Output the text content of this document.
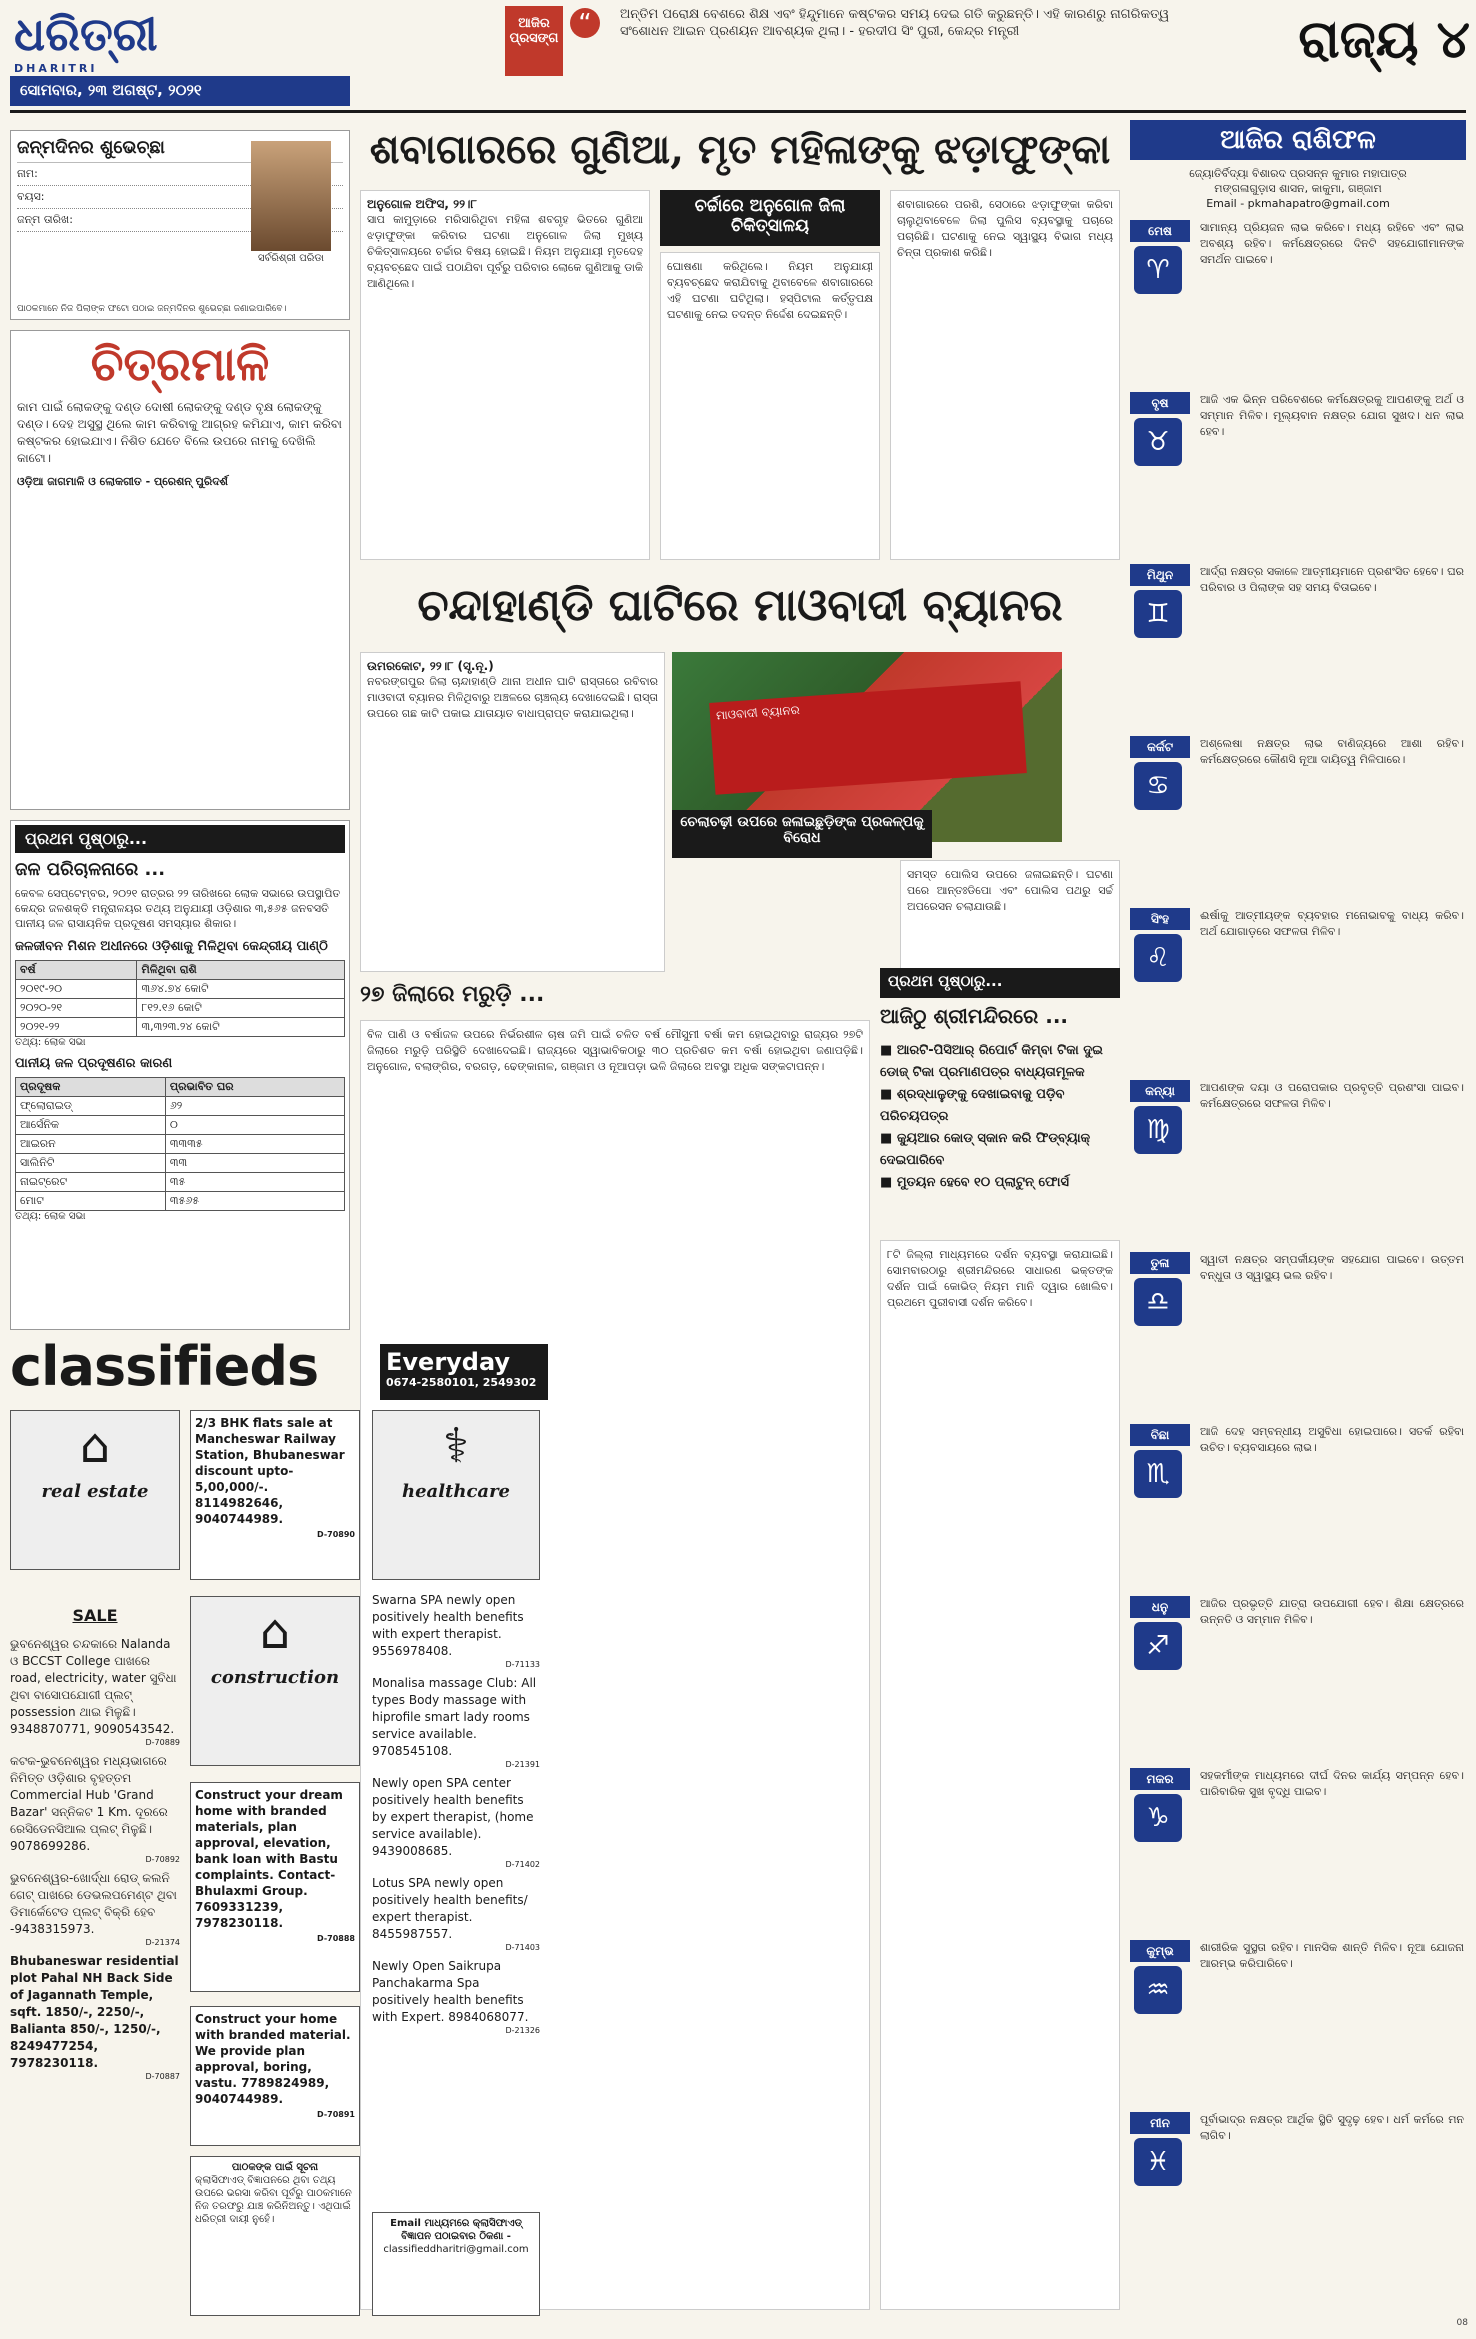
ଧରିତ୍ରୀ
DHARITRI
ସୋମବାର, ୨୩ ଅଗଷ୍ଟ, ୨୦୨୧
ଆଜିର ପ୍ରସଙ୍ଗ “	ଅନ୍ତିମ ପରୋକ୍ଷ ବେଶରେ ଶିକ୍ଷ ଏବଂ ହିନ୍ଦୁମାନେ କଷ୍ଟକର ସମୟ ଦେଇ ଗତି କରୁଛନ୍ତି। ଏହି କାରଣରୁ ନାଗରିକତ୍ୱ ସଂଶୋଧନ ଆଇନ ପ୍ରଣୟନ ଆବଶ୍ୟକ ଥିଲା। - ହରଦୀପ ସିଂ ପୁରୀ, କେନ୍ଦ୍ର ମନ୍ତ୍ରୀ	ରାଜ୍ୟ ୪
ଜନ୍ମଦିନର ଶୁଭେଚ୍ଛା
ନାମ:
ବୟସ:
ଜନ୍ମ ତାରିଖ:
ସର୍ବରିଶ୍ରୀ ପରିଡା
ପାଠକମାନେ ନିଜ ପିଲାଙ୍କ ଫଟୋ ପଠାଇ ଜନ୍ମଦିନର ଶୁଭେଚ୍ଛା ଜଣାଇପାରିବେ।
ଚିତ୍ରମାଳି
କାମ ପାଇଁ ଲୋକଙ୍କୁ ଦଣ୍ଡ ଦୋଷୀ ଲୋକଙ୍କୁ ଦଣ୍ଡ ବୃକ୍ଷ ଲୋକଙ୍କୁ ଦଣ୍ଡ। ଦେହ ଅସୁସ୍ଥ ଥିଲେ କାମ କରିବାକୁ ଆଗ୍ରହ କମିଯାଏ, କାମ କରିବା କଷ୍ଟକର ହୋଇଯାଏ। ନିଶିତ ଯେତେ ବିଲେ ଉପରେ ନାମକୁ ଦେଖିଲି କାଟୋ।
ଓଡ଼ିଆ ଜାଗମାଳି ଓ ଲୋକଗୀତ - ପ୍ରେଶନ୍ ପୁରିଦର୍ଶ
ପ୍ରଥମ ପୃଷ୍ଠାରୁ...
ଜଳ ପରିଚାଳନାରେ ...
କେବଳ ସେପ୍ଟେମ୍ବର, ୨୦୨୧ ରାତ୍ରର ୨୨ ତାରିଖରେ ଲୋକ ସଭାରେ ଉପସ୍ଥାପିତ କେନ୍ଦ୍ର ଜଳଶକ୍ତି ମନ୍ତ୍ରାଳୟର ତଥ୍ୟ ଅନୁଯାୟୀ ଓଡ଼ିଶାର ୩,୫୬୫ ଜନବସତି ପାନୀୟ ଜଳ ରାସାୟନିକ ପ୍ରଦୂଷଣ ସମସ୍ୟାର ଶିକାର।
ଜଳଜୀବନ ମିଶନ ଅଧୀନରେ ଓଡ଼ିଶାକୁ ମିଳିଥିବା କେନ୍ଦ୍ରୀୟ ପାଣ୍ଠି
ବର୍ଷ	ମିଳିଥିବା ରାଶି
୨୦୧୯-୨୦	୩୬୪.୭୪ କୋଟି
୨୦୨୦-୨୧	୮୧୨.୧୬ କୋଟି
୨୦୨୧-୨୨	୩,୩୨୩.୨୪ କୋଟି
ତଥ୍ୟ: ଲୋକ ସଭା
ପାନୀୟ ଜଳ ପ୍ରଦୂଷଣର କାରଣ
ପ୍ରଦୂଷକ	ପ୍ରଭାବିତ ଘର
ଫ୍ଲୋରାଇଡ୍	୬୨
ଆର୍ସେନିକ	୦
ଆଇରନ	୩୩୩୫
ସାଲିନିଟି	୩୩
ନାଇଟ୍ରେଟ	୩୫
ମୋଟ	୩୫୬୫
ତଥ୍ୟ: ଲୋକ ସଭା
ଶବାଗାରରେ ଗୁଣିଆ, ମୃତ ମହିଳାଙ୍କୁ ଝଡ଼ାଫୁଙ୍କା
ଅନୁଗୋଳ ଅଫିସ, ୨୨।୮
ସାପ କାମୁଡ଼ାରେ ମରିସାରିଥିବା ମହିଳା ଶବଗୃହ ଭିତରେ ଗୁଣିଆ ଝଡ଼ାଫୁଙ୍କା କରିବାର ଘଟଣା ଅନୁଗୋଳ ଜିଲା ମୁଖ୍ୟ ଚିକିତ୍ସାଳୟରେ ଚର୍ଚ୍ଚାର ବିଷୟ ହୋଇଛି। ନିୟମ ଅନୁଯାୟୀ ମୃତଦେହ ବ୍ୟବଚ୍ଛେଦ ପାଇଁ ପଠାଯିବା ପୂର୍ବରୁ ପରିବାର ଲୋକେ ଗୁଣିଆକୁ ଡାକି ଆଣିଥିଲେ।
ଚର୍ଚ୍ଚାରେ ଅନୁଗୋଳ ଜିଲା ଚିକିତ୍ସାଳୟ
ଘୋଷଣା କରିଥିଲେ। ନିୟମ ଅନୁଯାୟୀ ବ୍ୟବଚ୍ଛେଦ କରାଯିବାକୁ ଥିବାବେଳେ ଶବାଗାରରେ ଏହି ଘଟଣା ଘଟିଥିଲା। ହସ୍ପିଟାଲ କର୍ତ୍ତୃପକ୍ଷ ଘଟଣାକୁ ନେଇ ତଦନ୍ତ ନିର୍ଦ୍ଦେଶ ଦେଇଛନ୍ତି।
ଶବାଗାରରେ ପରଶି, ସେଠାରେ ଝଡ଼ାଫୁଙ୍କା କରିବା ଚାଲୁଥିବାବେଳେ ଜିଲା ପୁଲିସ ବ୍ୟବସ୍ଥାକୁ ପଚାରେ ପଚାରିଛି। ଘଟଣାକୁ ନେଇ ସ୍ୱାସ୍ଥ୍ୟ ବିଭାଗ ମଧ୍ୟ ଚିନ୍ତା ପ୍ରକାଶ କରିଛି।
ଚନ୍ଦାହାଣ୍ଡି ଘାଟିରେ ମାଓବାଦୀ ବ୍ୟାନର
ଉମରକୋଟ, ୨୨।୮ (ସୃ.ନୂ.)
ନବରଙ୍ଗପୁର ଜିଲା ଚାନ୍ଦାହାଣ୍ଡି ଥାନା ଅଧୀନ ଘାଟି ରାସ୍ତାରେ ରବିବାର ମାଓବାଦୀ ବ୍ୟାନର ମିଳିଥିବାରୁ ଅଞ୍ଚଳରେ ଚାଞ୍ଚଲ୍ୟ ଦେଖାଦେଇଛି। ରାସ୍ତା ଉପରେ ଗଛ କାଟି ପକାଇ ଯାତାୟାତ ବାଧାପ୍ରାପ୍ତ କରାଯାଇଥିଲା।	ମାଓବାଦୀ ବ୍ୟାନର
ଚେଲାଚଢ଼ୀ ଉପରେ ଜଳାଇଛୁଡ଼ିଙ୍କ ପ୍ରକଳ୍ପକୁ ବିରୋଧ
ସମସ୍ତ ପୋଲିସ ଉପରେ ଜଳାଇଛନ୍ତି। ଘଟଣା ପରେ ଆନ୍ତଃଡିପୋ ଏବଂ ପୋଲିସ ପଥରୁ ସର୍ଚ୍ଚ ଅପରେସନ ଚଲାଯାଉଛି।
୨୭ ଜିଲାରେ ମରୁଡ଼ି ...
ବିଳ ପାଣି ଓ ବର୍ଷାଜଳ ଉପରେ ନିର୍ଭରଶୀଳ ଚାଷ ଜମି ପାଇଁ ଚଳିତ ବର୍ଷ ମୌସୁମୀ ବର୍ଷା କମ ହୋଇଥିବାରୁ ରାଜ୍ୟର ୨୭ଟି ଜିଲାରେ ମରୁଡ଼ି ପରିସ୍ଥିତି ଦେଖାଦେଇଛି। ରାଜ୍ୟରେ ସ୍ୱାଭାବିକଠାରୁ ୩୦ ପ୍ରତିଶତ କମ ବର୍ଷା ହୋଇଥିବା ଜଣାପଡ଼ିଛି। ଅନୁଗୋଳ, ବଲାଙ୍ଗିର, ବରଗଡ଼, ଢେଙ୍କାନାଳ, ଗଞ୍ଜାମ ଓ ନୂଆପଡ଼ା ଭଳି ଜିଲାରେ ଅବସ୍ଥା ଅଧିକ ସଙ୍କଟାପନ୍ନ।
ପ୍ରଥମ ପୃଷ୍ଠାରୁ...
ଆଜିଠୁ ଶ୍ରୀମନ୍ଦିରରେ ...
■ ଆରଟି-ପିସିଆର୍ ରିପୋର୍ଟ କିମ୍ବା ଟିକା ଦୁଇ ଡୋଜ୍ ଟିକା ପ୍ରମାଣପତ୍ର ବାଧ୍ୟତାମୂଳକ
■ ଶ୍ରଦ୍ଧାଳୁଙ୍କୁ ଦେଖାଇବାକୁ ପଡ଼ିବ ପରିଚୟପତ୍ର
■ କ୍ୟୁଆର କୋଡ୍ ସ୍କାନ କରି ଫିଡ୍‌ବ୍ୟାକ୍ ଦେଇପାରିବେ
■ ମୁତୟନ ହେବେ ୧୦ ପ୍ଲାଟୁନ୍ ଫୋର୍ସ
୮ଟି ଜିଲ୍ଲା ମାଧ୍ୟମରେ ଦର୍ଶନ ବ୍ୟବସ୍ଥା କରାଯାଇଛି। ସୋମବାରଠାରୁ ଶ୍ରୀମନ୍ଦିରରେ ସାଧାରଣ ଭକ୍ତଙ୍କ ଦର୍ଶନ ପାଇଁ କୋଭିଡ୍ ନିୟମ ମାନି ଦ୍ୱାର ଖୋଲିବ। ପ୍ରଥମେ ପୁରୀବାସୀ ଦର୍ଶନ କରିବେ।
ଆଜିର ରାଶିଫଳ
ଜ୍ୟୋତିର୍ବିଦ୍ୟା ବିଶାରଦ ପ୍ରସନ୍ନ କୁମାର ମହାପାତ୍ର
ମଙ୍ଗଳାଗୁଡ଼ାସ ଶାସନ, କାକୁମା, ଗଞ୍ଜାମ
Email - pkmahapatro@gmail.com
ମେଷ
♈
ସାମାନ୍ୟ ପ୍ରିୟଜନ ଲାଭ କରିବେ। ମଧ୍ୟ ରହିବେ ଏବଂ ଲାଭ ଅବଶ୍ୟ ରହିବ। କର୍ମକ୍ଷେତ୍ରରେ ଦିନଟି ସହଯୋଗୀମାନଙ୍କ ସମର୍ଥନ ପାଇବେ।
ବୃଷ
♉
ଆଜି ଏକ ଭିନ୍ନ ପରିବେଶରେ କର୍ମକ୍ଷେତ୍ରକୁ ଆପଣଙ୍କୁ ଅର୍ଥ ଓ ସମ୍ମାନ ମିଳିବ। ମୂଲ୍ୟବାନ ନକ୍ଷତ୍ର ଯୋଗ ସୁଖଦ। ଧନ ଲାଭ ହେବ।
ମିଥୁନ
♊
ଆର୍ଦ୍ରା ନକ୍ଷତ୍ର ସକାଳେ ଆତ୍ମୀୟମାନେ ପ୍ରଶଂସିତ ହେବେ। ଘର ପରିବାର ଓ ପିଲାଙ୍କ ସହ ସମୟ ବିତାଇବେ।
କର୍କଟ
♋
ଅଶ୍ଲେଷା ନକ୍ଷତ୍ର ଲାଭ ବାଣିଜ୍ୟରେ ଆଶା ରହିବ। କର୍ମକ୍ଷେତ୍ରରେ କୌଣସି ନୂଆ ଦାୟିତ୍ୱ ମିଳିପାରେ।
ସିଂହ
♌
ଈର୍ଷାକୁ ଆତ୍ମୀୟଙ୍କ ବ୍ୟବହାର ମନୋଭାବକୁ ବାଧ୍ୟ କରିବ। ଅର୍ଥ ଯୋଗାଡ଼ରେ ସଫଳତା ମିଳିବ।
କନ୍ୟା
♍
ଆପଣଙ୍କ ଦୟା ଓ ପରୋପକାର ପ୍ରବୃତ୍ତି ପ୍ରଶଂସା ପାଇବ। କର୍ମକ୍ଷେତ୍ରରେ ସଫଳତା ମିଳିବ।
ତୁଳା
♎
ସ୍ୱାତୀ ନକ୍ଷତ୍ର ସମ୍ପର୍କୀୟଙ୍କ ସହଯୋଗ ପାଇବେ। ଉତ୍ତମ ବନ୍ଧୁତା ଓ ସ୍ୱାସ୍ଥ୍ୟ ଭଲ ରହିବ।
ବିଛା
♏
ଆଜି ଦେହ ସମ୍ବନ୍ଧୀୟ ଅସୁବିଧା ହୋଇପାରେ। ସତର୍କ ରହିବା ଉଚିତ। ବ୍ୟବସାୟରେ ଲାଭ।
ଧନୁ
♐
ଆଜିର ପ୍ରଭୃତ୍ତି ଯାତ୍ରା ଉପଯୋଗୀ ହେବ। ଶିକ୍ଷା କ୍ଷେତ୍ରରେ ଉନ୍ନତି ଓ ସମ୍ମାନ ମିଳିବ।
ମକର
♑
ସହକର୍ମୀଙ୍କ ମାଧ୍ୟମରେ ଦୀର୍ଘ ଦିନର କାର୍ଯ୍ୟ ସମ୍ପନ୍ନ ହେବ। ପାରିବାରିକ ସୁଖ ବୃଦ୍ଧି ପାଇବ।
କୁମ୍ଭ
♒
ଶାରୀରିକ ସୁସ୍ଥତା ରହିବ। ମାନସିକ ଶାନ୍ତି ମିଳିବ। ନୂଆ ଯୋଜନା ଆରମ୍ଭ କରିପାରିବେ।
ମୀନ
♓
ପୂର୍ବାଭାଦ୍ର ନକ୍ଷତ୍ର ଆର୍ଥିକ ସ୍ଥିତି ସୁଦୃଢ଼ ହେବ। ଧର୍ମ କର୍ମରେ ମନ ଲାଗିବ।
classifieds	Everyday
0674-2580101, 2549302
⌂
real estate
SALE
ଭୁବନେଶ୍ୱର ଚନ୍ଦକାରେ Nalanda ଓ BCCST College ପାଖରେ road, electricity, water ସୁବିଧା ଥିବା ବାସୋପଯୋଗୀ ପ୍ଲଟ୍ possession ଥାଇ ମିଳୁଛି। 9348870771, 9090543542.
D-70889
କଟକ-ଭୁବନେଶ୍ୱର ମଧ୍ୟଭାଗରେ ନିମିତ୍ତ ଓଡ଼ିଶାର ବୃହତ୍ତମ Commercial Hub 'Grand Bazar' ସନ୍ନିକଟ 1 Km. ଦୂରରେ ରେସିଡେନସିଆଲ ପ୍ଲଟ୍ ମିଳୁଛି। 9078699286.
D-70892
ଭୁବନେଶ୍ୱର-ଖୋର୍ଦ୍ଧା ରୋଡ୍ କଲନି ଗେଟ୍ ପାଖରେ ଡେଭଲପମେଣ୍ଟ ଥିବା ଡିମାର୍କେଟେଡ ପ୍ଲଟ୍ ବିକ୍ରି ହେବ -9438315973.
D-21374
Bhubaneswar residential plot Pahal NH Back Side of Jagannath Temple, sqft. 1850/-, 2250/-, Balianta 850/-, 1250/-, 8249477254, 7978230118.
D-70887
2/3 BHK flats sale at Mancheswar Railway Station, Bhubaneswar discount upto- 5,00,000/-. 8114982646, 9040744989.
D-70890
⌂
construction
Construct your dream home with branded materials, plan approval, elevation, bank loan with Bastu complaints. Contact- Bhulaxmi Group. 7609331239, 7978230118.
D-70888
Construct your home with branded material. We provide plan approval, boring, vastu. 7789824989, 9040744989.
D-70891
ପାଠକଙ୍କ ପାଇଁ ସୂଚନା
କ୍ଲାସିଫାଏଡ୍ ବିଜ୍ଞାପନରେ ଥିବା ତଥ୍ୟ ଉପରେ ଭରସା କରିବା ପୂର୍ବରୁ ପାଠକମାନେ ନିଜ ତରଫରୁ ଯାଞ୍ଚ କରିନିଅନ୍ତୁ। ଏଥିପାଇଁ ଧରିତ୍ରୀ ଦାୟୀ ନୁହେଁ।
⚕
healthcare
Swarna SPA newly open positively health benefits with expert therapist. 9556978408.
D-71133
Monalisa massage Club: All types Body massage with hiprofile smart lady rooms service available. 9708545108.
D-21391
Newly open SPA center positively health benefits by expert therapist, (home service available). 9439008685.
D-71402
Lotus SPA newly open positively health benefits/ expert therapist. 8455987557.
D-71403
Newly Open Saikrupa Panchakarma Spa positively health benefits with Expert. 8984068077.
D-21326
Email ମାଧ୍ୟମରେ କ୍ଲାସିଫାଏଡ୍ ବିଜ୍ଞାପନ ପଠାଇବାର ଠିକଣା -
classifieddharitri@gmail.com
08
